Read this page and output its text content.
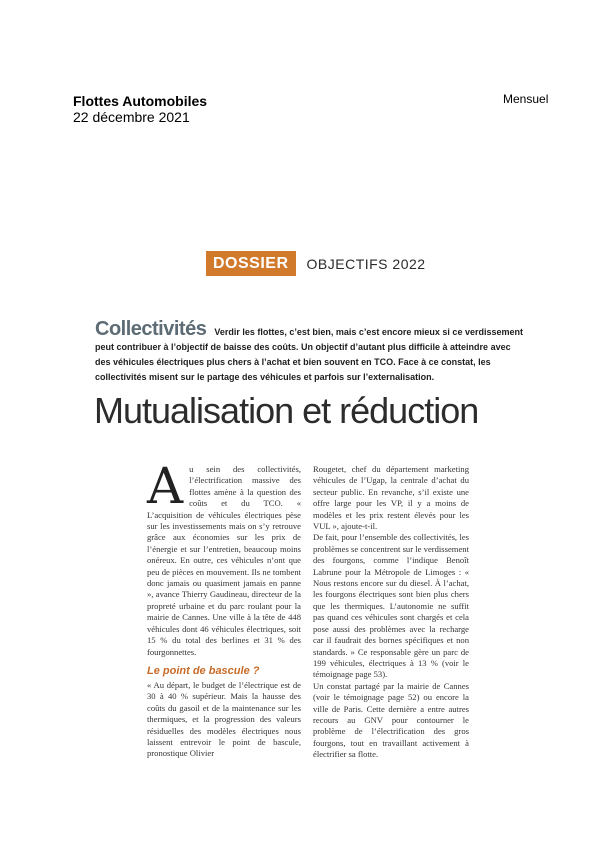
Flottes Automobiles
22 décembre 2021
Mensuel
DOSSIER	OBJECTIFS 2022
Collectivités Verdir les flottes, c’est bien, mais c’est encore mieux si ce verdissement peut contribuer à l’objectif de baisse des coûts. Un objectif d’autant plus difficile à atteindre avec des véhicules électriques plus chers à l’achat et bien souvent en TCO. Face à ce constat, les collectivités misent sur le partage des véhicules et parfois sur l’externalisation.
Mutualisation et réduction
A u sein des collectivités, l’électrification massive des flottes amène à la question des coûts et du TCO. « L’acquisition de véhicules électriques pèse sur les investissements mais on s’y retrouve grâce aux économies sur les prix de l’énergie et sur l’entretien, beaucoup moins onéreux. En outre, ces véhicules n’ont que peu de pièces en mouvement. Ils ne tombent donc jamais ou quasiment jamais en panne », avance Thierry Gaudineau, directeur de la propreté urbaine et du parc roulant pour la mairie de Cannes. Une ville à la tête de 448 véhicules dont 46 véhicules électriques, soit 15 % du total des berlines et 31 % des fourgonnettes.

Le point de bascule ?

« Au départ, le budget de l’électrique est de 30 à 40 % supérieur. Mais la hausse des coûts du gasoil et de la maintenance sur les thermiques, et la progression des valeurs résiduelles des modèles électriques nous laissent entrevoir le point de bascule, pronostique Olivier

Rougetet, chef du département marketing véhicules de l’Ugap, la centrale d’achat du secteur public. En revanche, s’il existe une offre large pour les VP, il y a moins de modèles et les prix restent élevés pour les VUL », ajoute-t-il.

De fait, pour l’ensemble des collectivités, les problèmes se concentrent sur le verdissement des fourgons, comme l’indique Benoît Labrune pour la Métropole de Limoges : « Nous restons encore sur du diesel. À l’achat, les fourgons électriques sont bien plus chers que les thermiques. L’autonomie ne suffit pas quand ces véhicules sont chargés et cela pose aussi des problèmes avec la recharge car il faudrait des bornes spécifiques et non standards. » Ce responsable gère un parc de 199 véhicules, électriques à 13 % (voir le témoignage page 53).

Un constat partagé par la mairie de Cannes (voir le témoignage page 52) ou encore la ville de Paris. Cette dernière a entre autres recours au GNV pour contourner le problème de l’électrification des gros fourgons, tout en travaillant activement à électrifier sa flotte.
